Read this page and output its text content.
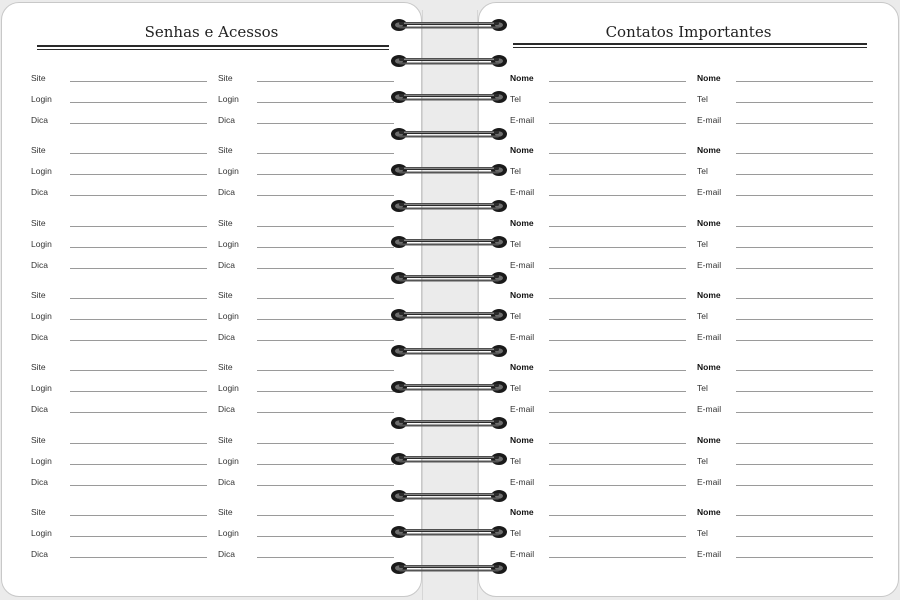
Senhas e Acessos
Site	Site
Login	Login
Dica	Dica
Site	Site
Login	Login
Dica	Dica
Site	Site
Login	Login
Dica	Dica
Site	Site
Login	Login
Dica	Dica
Site	Site
Login	Login
Dica	Dica
Site	Site
Login	Login
Dica	Dica
Site	Site
Login	Login
Dica	Dica
Contatos Importantes
Nome	Nome
Tel	Tel
E-mail	E-mail
Nome	Nome
Tel	Tel
E-mail	E-mail
Nome	Nome
Tel	Tel
E-mail	E-mail
Nome	Nome
Tel	Tel
E-mail	E-mail
Nome	Nome
Tel	Tel
E-mail	E-mail
Nome	Nome
Tel	Tel
E-mail	E-mail
Nome	Nome
Tel	Tel
E-mail	E-mail
